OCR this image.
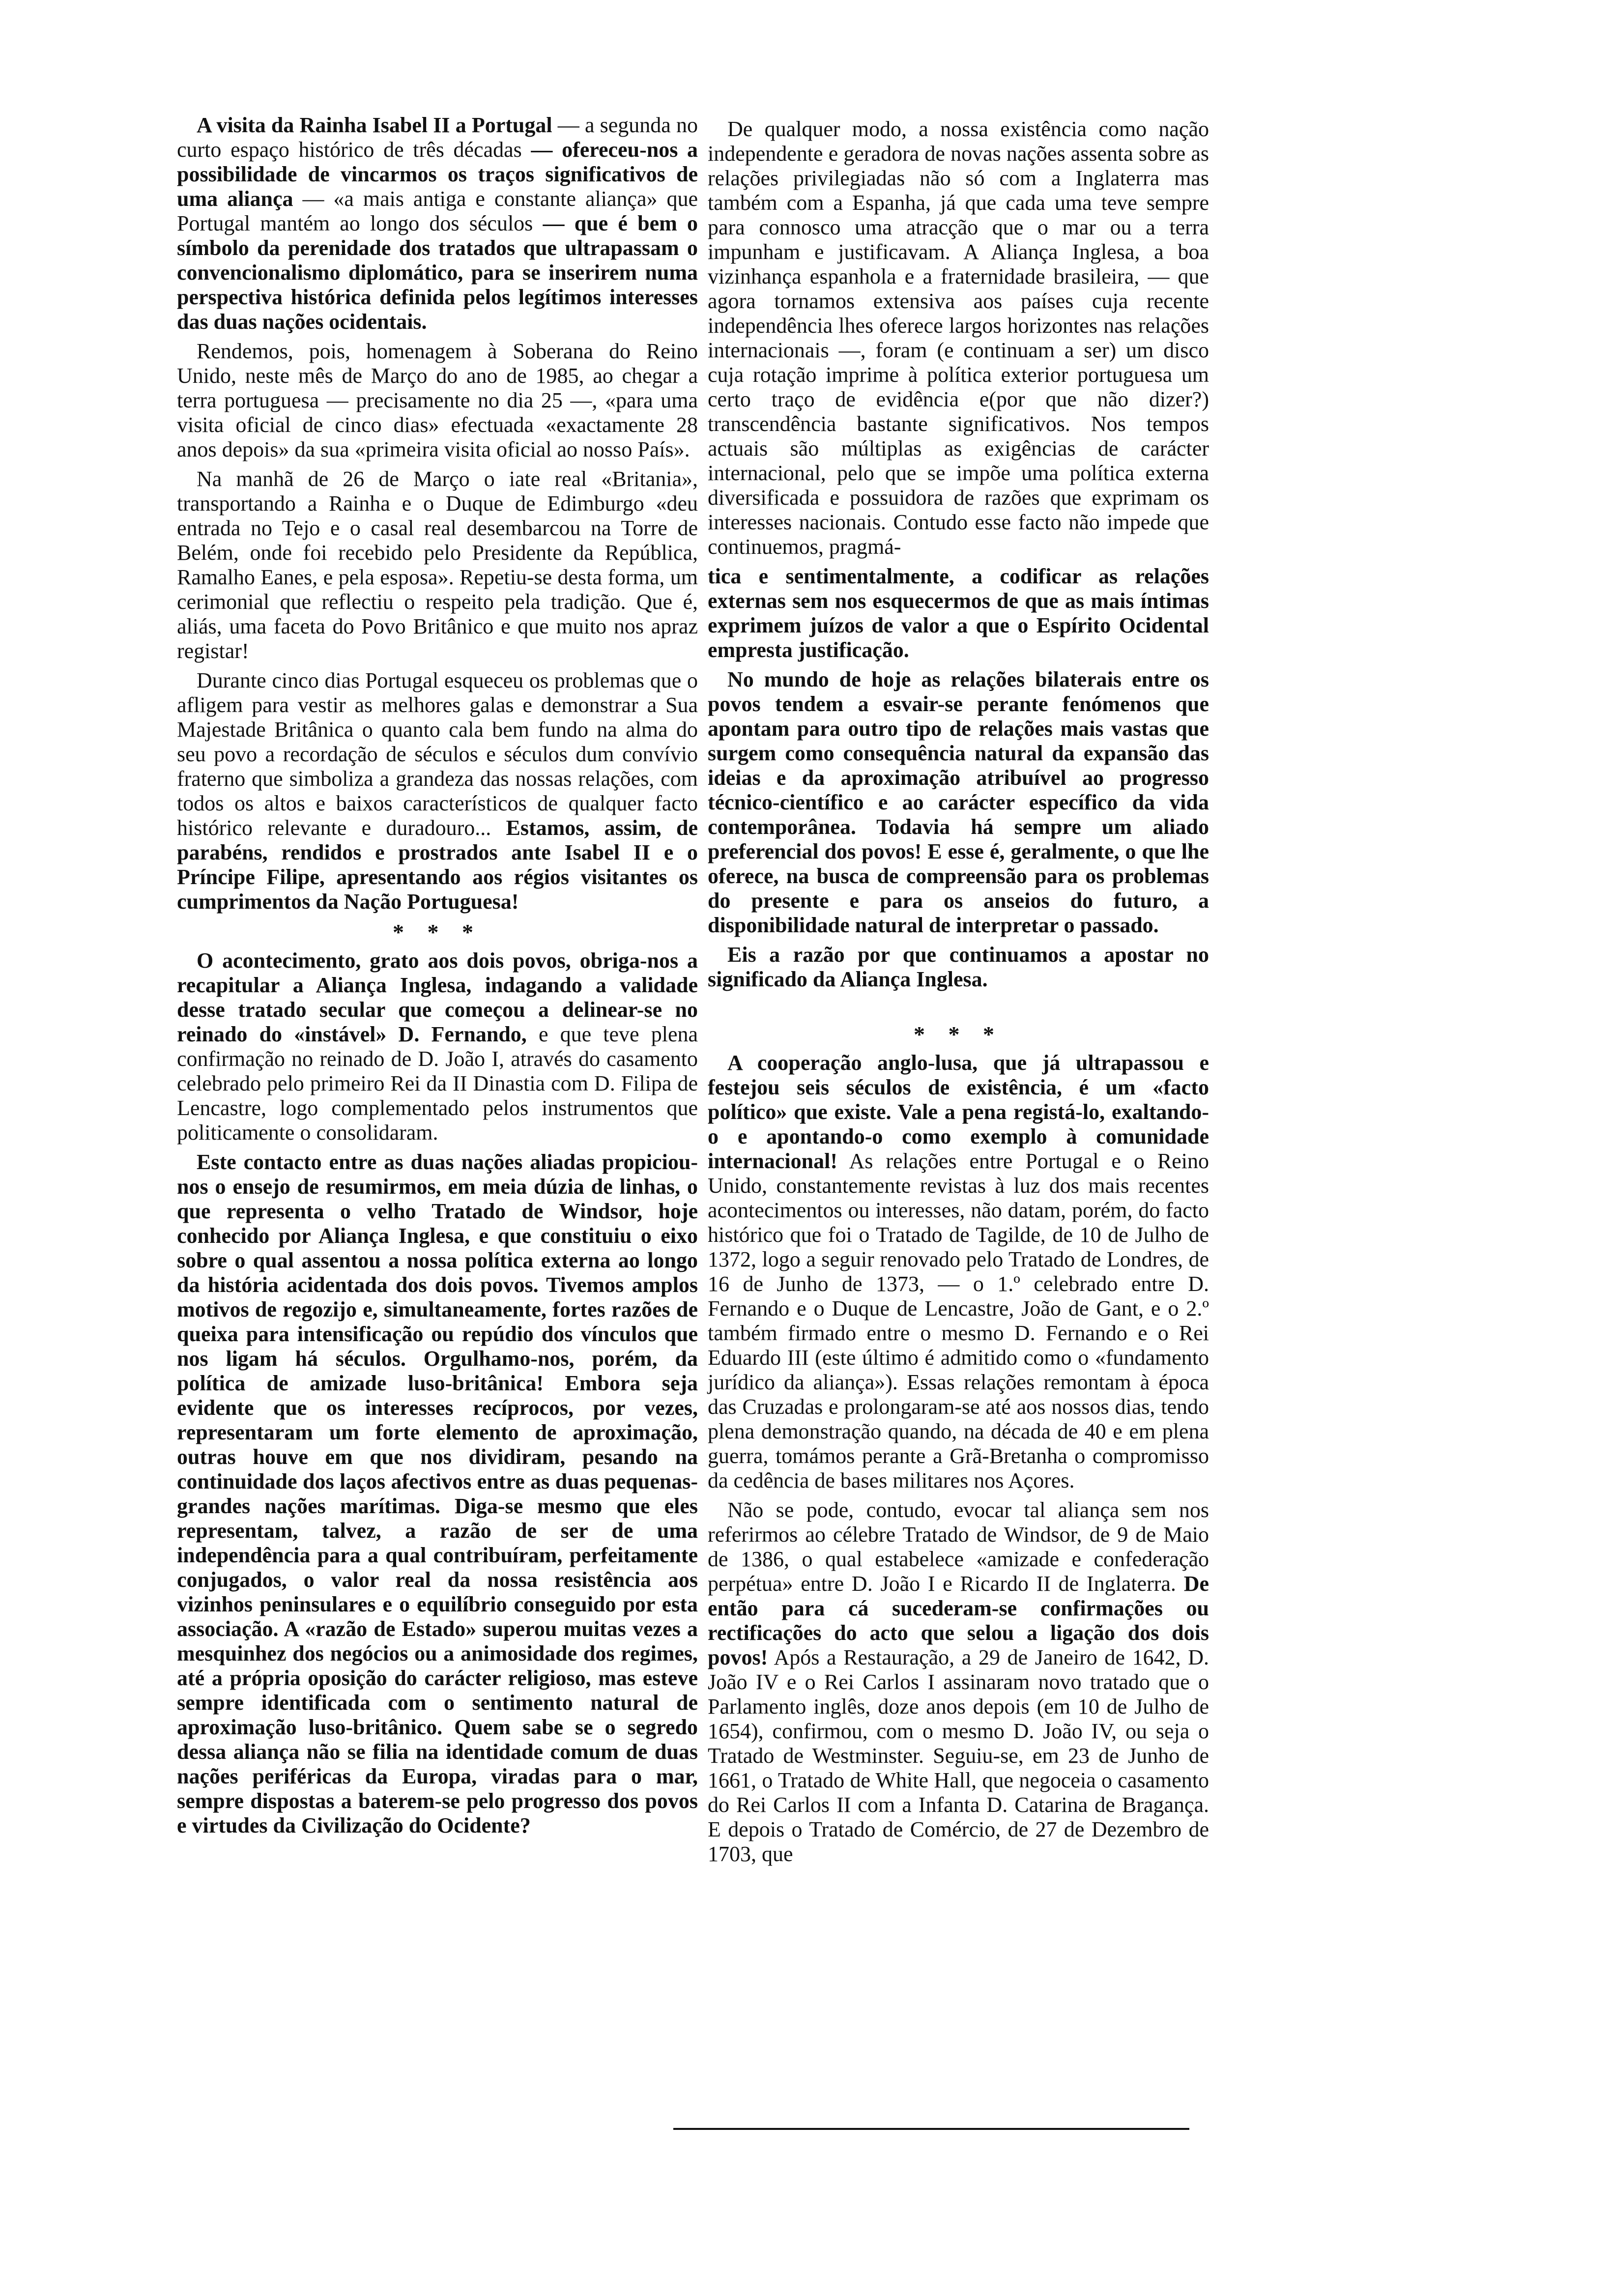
A visita da Rainha Isabel II a Portugal — a segunda no curto espaço histórico de três décadas — ofereceu-nos a possibilidade de vincarmos os traços significativos de uma aliança — «a mais antiga e constante aliança» que Portugal mantém ao longo dos séculos — que é bem o símbolo da perenidade dos tratados que ultrapassam o convencionalismo diplomático, para se inserirem numa perspectiva histórica definida pelos legítimos interesses das duas nações ocidentais.

Rendemos, pois, homenagem à Soberana do Reino Unido, neste mês de Março do ano de 1985, ao chegar a terra portuguesa — precisamente no dia 25 —, «para uma visita oficial de cinco dias» efectuada «exactamente 28 anos depois» da sua «primeira visita oficial ao nosso País».

Na manhã de 26 de Março o iate real «Britania», transportando a Rainha e o Duque de Edimburgo «deu entrada no Tejo e o casal real desembarcou na Torre de Belém, onde foi recebido pelo Presidente da República, Ramalho Eanes, e pela esposa». Repetiu-se desta forma, um cerimonial que reflectiu o respeito pela tradição. Que é, aliás, uma faceta do Povo Britânico e que muito nos apraz registar!

Durante cinco dias Portugal esqueceu os problemas que o afligem para vestir as melhores galas e demonstrar a Sua Majestade Britânica o quanto cala bem fundo na alma do seu povo a recordação de séculos e séculos dum convívio fraterno que simboliza a grandeza das nossas relações, com todos os altos e baixos característicos de qualquer facto histórico relevante e duradouro... Estamos, assim, de parabéns, rendidos e prostrados ante Isabel II e o Príncipe Filipe, apresentando aos régios visitantes os cumprimentos da Nação Portuguesa!

* * *

O acontecimento, grato aos dois povos, obriga-nos a recapitular a Aliança Inglesa, indagando a validade desse tratado secular que começou a delinear-se no reinado do «instável» D. Fernando, e que teve plena confirmação no reinado de D. João I, através do casamento celebrado pelo primeiro Rei da II Dinastia com D. Filipa de Lencastre, logo complementado pelos instrumentos que politicamente o consolidaram.

Este contacto entre as duas nações aliadas propiciou-nos o ensejo de resumirmos, em meia dúzia de linhas, o que representa o velho Tratado de Windsor, hoje conhecido por Aliança Inglesa, e que constituiu o eixo sobre o qual assentou a nossa política externa ao longo da história acidentada dos dois povos. Tivemos amplos motivos de regozijo e, simultaneamente, fortes razões de queixa para intensificação ou repúdio dos vínculos que nos ligam há séculos. Orgulhamo-nos, porém, da política de amizade luso-britânica! Embora seja evidente que os interesses recíprocos, por vezes, representaram um forte elemento de aproximação, outras houve em que nos dividiram, pesando na continuidade dos laços afectivos entre as duas pequenas-grandes nações marítimas. Diga-se mesmo que eles representam, talvez, a razão de ser de uma independência para a qual contribuíram, perfeitamente conjugados, o valor real da nossa resistência aos vizinhos peninsulares e o equilíbrio conseguido por esta associação. A «razão de Estado» superou muitas vezes a mesquinhez dos negócios ou a animosidade dos regimes, até a própria oposição do carácter religioso, mas esteve sempre identificada com o sentimento natural de aproximação luso-britânico. Quem sabe se o segredo dessa aliança não se filia na identidade comum de duas nações periféricas da Europa, viradas para o mar, sempre dispostas a baterem-se pelo progresso dos povos e virtudes da Civilização do Ocidente?

De qualquer modo, a nossa existência como nação independente e geradora de novas nações assenta sobre as relações privilegiadas não só com a Inglaterra mas também com a Espanha, já que cada uma teve sempre para connosco uma atracção que o mar ou a terra impunham e justificavam. A Aliança Inglesa, a boa vizinhança espanhola e a fraternidade brasileira, — que agora tornamos extensiva aos países cuja recente independência lhes oferece largos horizontes nas relações internacionais —, foram (e continuam a ser) um disco cuja rotação imprime à política exterior portuguesa um certo traço de evidência e(por que não dizer?) transcendência bastante significativos. Nos tempos actuais são múltiplas as exigências de carácter internacional, pelo que se impõe uma política externa diversificada e possuidora de razões que exprimam os interesses nacionais. Contudo esse facto não impede que continuemos, pragmá-

tica e sentimentalmente, a codificar as relações externas sem nos esquecermos de que as mais íntimas exprimem juízos de valor a que o Espírito Ocidental empresta justificação.

No mundo de hoje as relações bilaterais entre os povos tendem a esvair-se perante fenómenos que apontam para outro tipo de relações mais vastas que surgem como consequência natural da expansão das ideias e da aproximação atribuível ao progresso técnico-científico e ao carácter específico da vida contemporânea. Todavia há sempre um aliado preferencial dos povos! E esse é, geralmente, o que lhe oferece, na busca de compreensão para os problemas do presente e para os anseios do futuro, a disponibilidade natural de interpretar o passado.

Eis a razão por que continuamos a apostar no significado da Aliança Inglesa.

* * *

A cooperação anglo-lusa, que já ultrapassou e festejou seis séculos de existência, é um «facto político» que existe. Vale a pena registá-lo, exaltando-o e apontando-o como exemplo à comunidade internacional! As relações entre Portugal e o Reino Unido, constantemente revistas à luz dos mais recentes acontecimentos ou interesses, não datam, porém, do facto histórico que foi o Tratado de Tagilde, de 10 de Julho de 1372, logo a seguir renovado pelo Tratado de Londres, de 16 de Junho de 1373, — o 1.º celebrado entre D. Fernando e o Duque de Lencastre, João de Gant, e o 2.º também firmado entre o mesmo D. Fernando e o Rei Eduardo III (este último é admitido como o «fundamento jurídico da aliança»). Essas relações remontam à época das Cruzadas e prolongaram-se até aos nossos dias, tendo plena demonstração quando, na década de 40 e em plena guerra, tomámos perante a Grã-Bretanha o compromisso da cedência de bases militares nos Açores.

Não se pode, contudo, evocar tal aliança sem nos referirmos ao célebre Tratado de Windsor, de 9 de Maio de 1386, o qual estabelece «amizade e confederação perpétua» entre D. João I e Ricardo II de Inglaterra. De então para cá sucederam-se confirmações ou rectificações do acto que selou a ligação dos dois povos! Após a Restauração, a 29 de Janeiro de 1642, D. João IV e o Rei Carlos I assinaram novo tratado que o Parlamento inglês, doze anos depois (em 10 de Julho de 1654), confirmou, com o mesmo D. João IV, ou seja o Tratado de Westminster. Seguiu-se, em 23 de Junho de 1661, o Tratado de White Hall, que negoceia o casamento do Rei Carlos II com a Infanta D. Catarina de Bragança. E depois o Tratado de Comércio, de 27 de Dezembro de 1703, que
